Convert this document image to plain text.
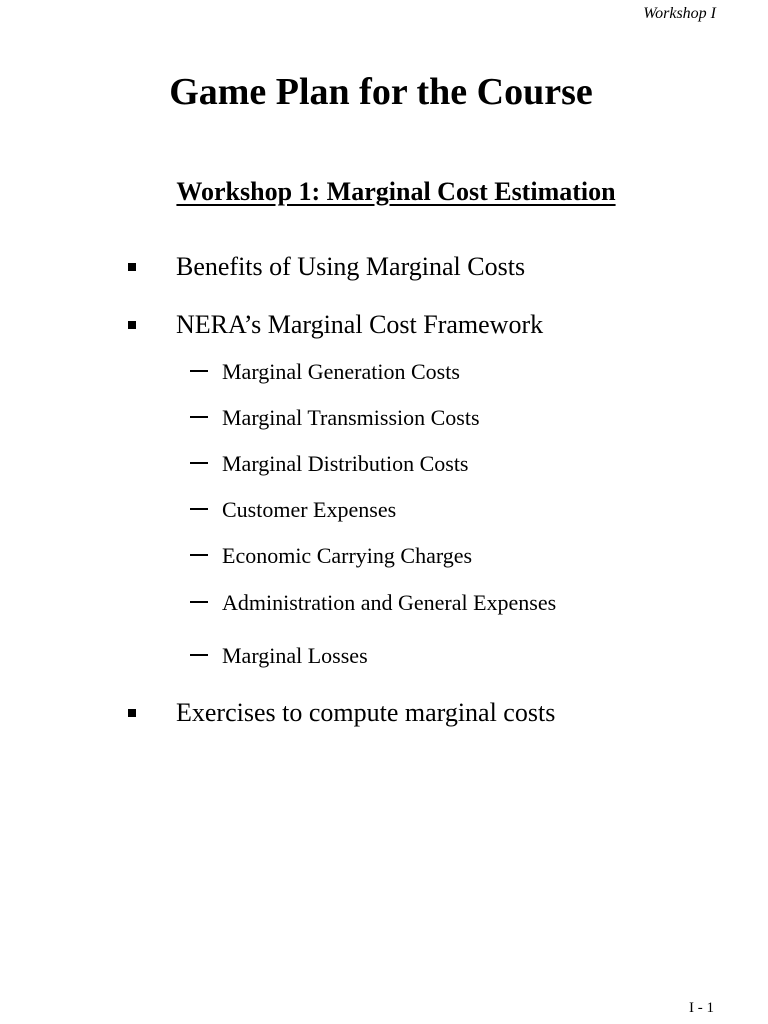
Workshop I
Game Plan for the Course
Workshop 1: Marginal Cost Estimation
Benefits of Using Marginal Costs
NERA’s Marginal Cost Framework
Marginal Generation Costs
Marginal Transmission Costs
Marginal Distribution Costs
Customer Expenses
Economic Carrying Charges
Administration and General Expenses
Marginal Losses
Exercises to compute marginal costs
I - 1
